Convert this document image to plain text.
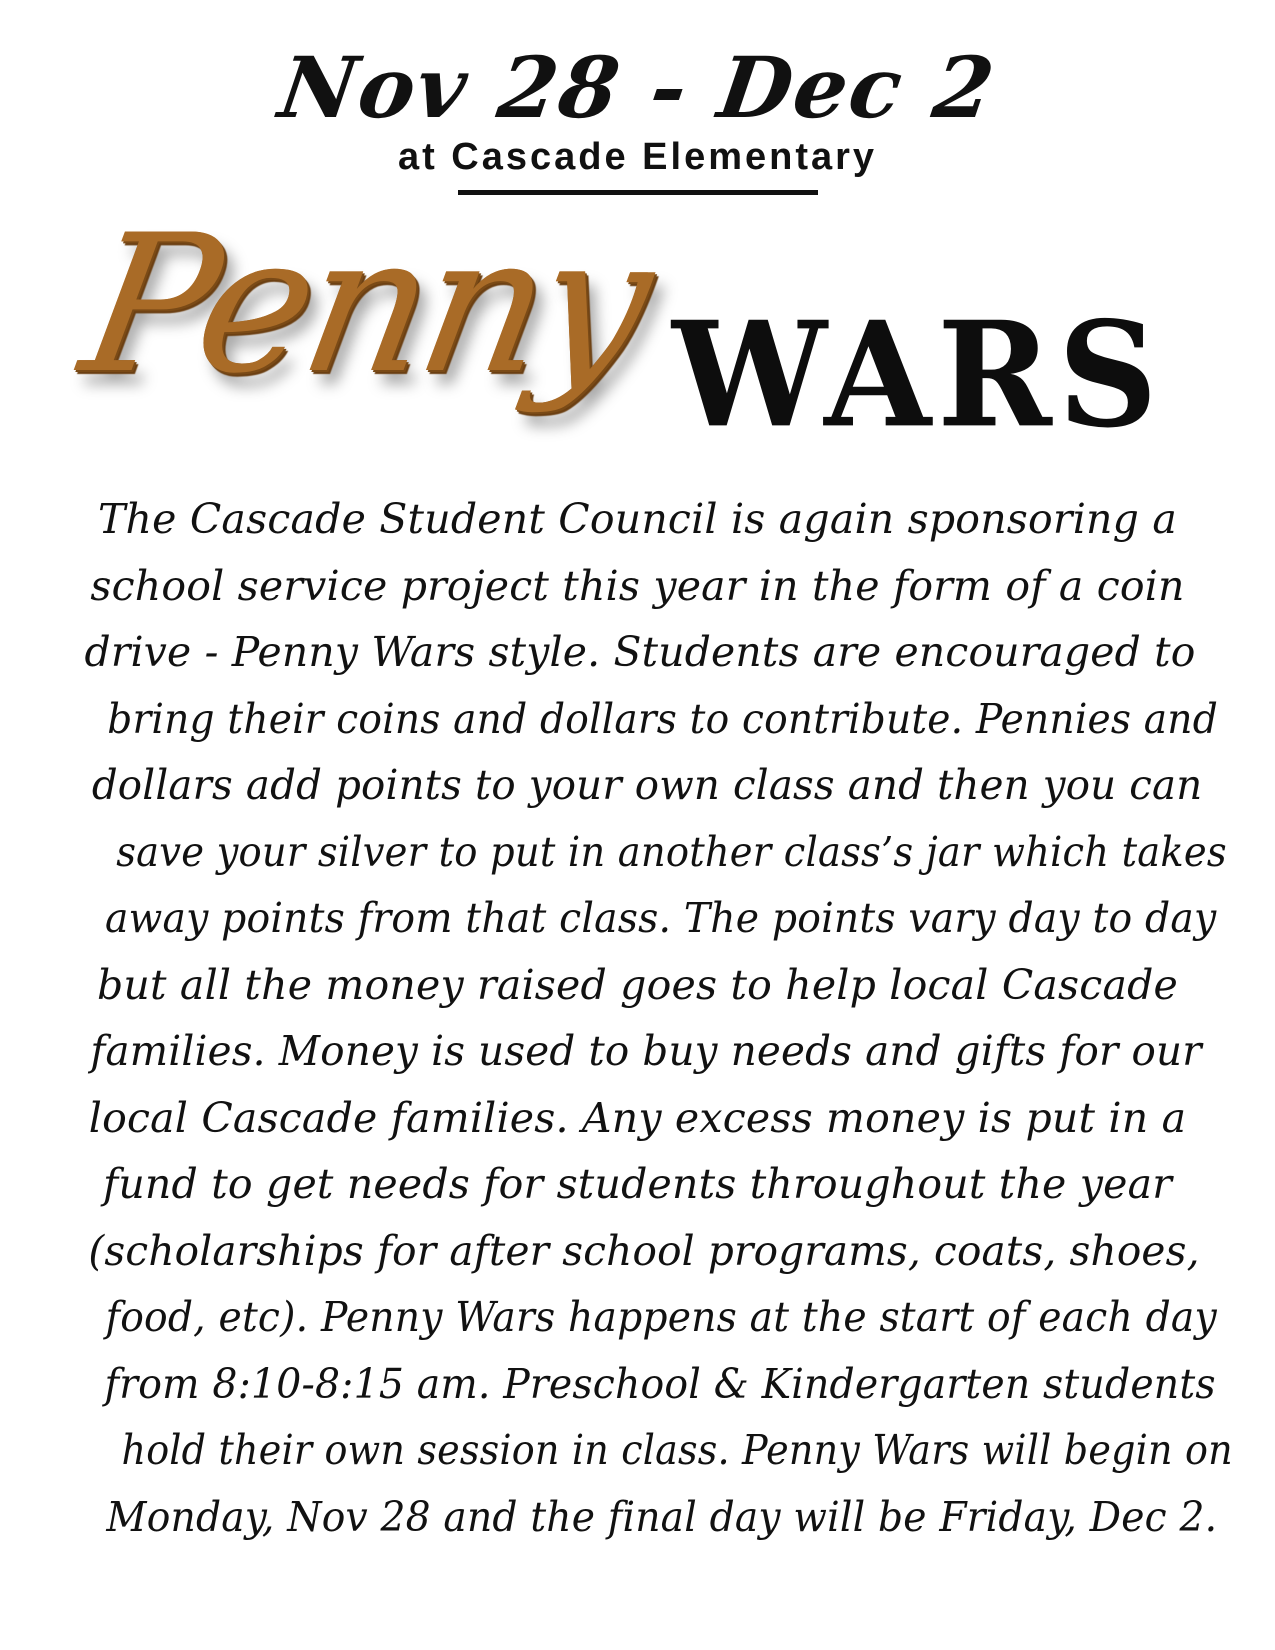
Nov 28 - Dec 2
at Cascade Elementary
Penny WARS
The Cascade Student Council is again sponsoring a
school service project this year in the form of a coin
drive - Penny Wars style. Students are encouraged to
bring their coins and dollars to contribute. Pennies and
dollars add points to your own class and then you can
save your silver to put in another class’s jar which takes
away points from that class. The points vary day to day
but all the money raised goes to help local Cascade
families. Money is used to buy needs and gifts for our
local Cascade families. Any excess money is put in a
fund to get needs for students throughout the year
(scholarships for after school programs, coats, shoes,
food, etc). Penny Wars happens at the start of each day
from 8:10-8:15 am. Preschool & Kindergarten students
hold their own session in class. Penny Wars will begin on
Monday, Nov 28 and the final day will be Friday, Dec 2.
